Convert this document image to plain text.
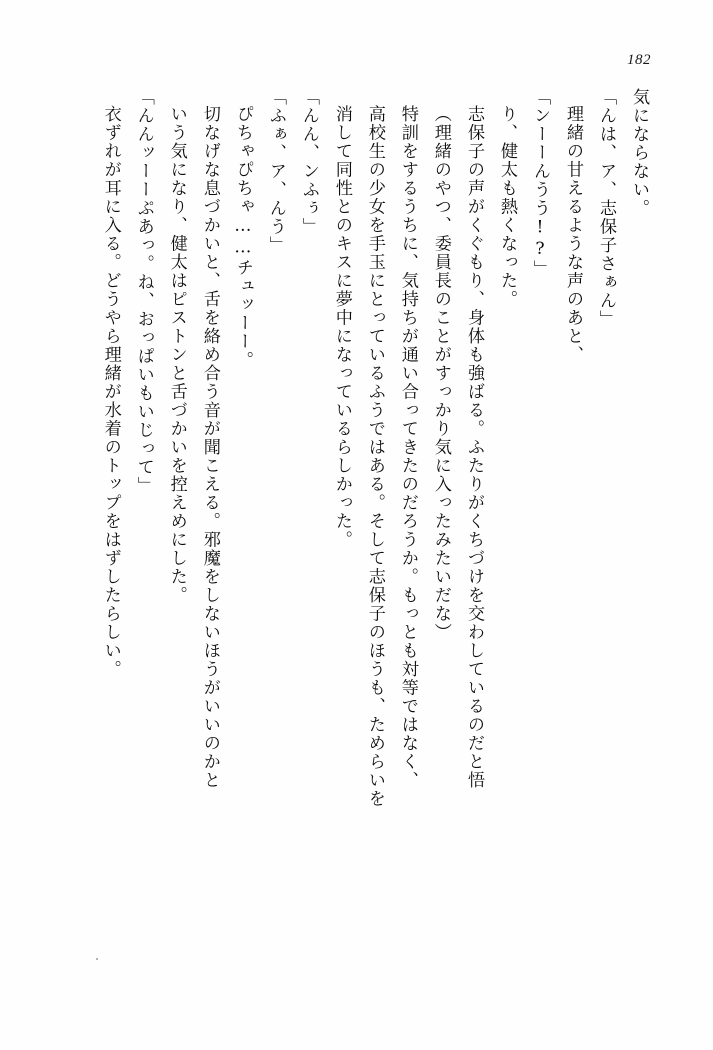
182

気にならない。

「んは、ア、志保子さぁん」

理緒の甘えるような声のあと、

「ンーーんうう!?」

り、健太も熱くなった。

志保子の声がくぐもり、身体も強ばる。ふたりがくちづけを交わしているのだと悟

（理緒のやつ、委員長のことがすっかり気に入ったみたいだな）

特訓をするうちに、気持ちが通い合ってきたのだろうか。もっとも対等ではなく、

高校生の少女を手玉にとっているふうではある。そして志保子のほうも、ためらいを

消して同性とのキスに夢中になっているらしかった。

「んん、ンふぅ」

「ふぁ、ア、んう」

ぴちゃぴちゃ……チュッーー。

切なげな息づかいと、舌を絡め合う音が聞こえる。邪魔をしないほうがいいのかと

いう気になり、健太はピストンと舌づかいを控えめにした。

「んんッーーぷあっ。ね、おっぱいもいじって」

衣ずれが耳に入る。どうやら理緒が水着のトップをはずしたらしい。
